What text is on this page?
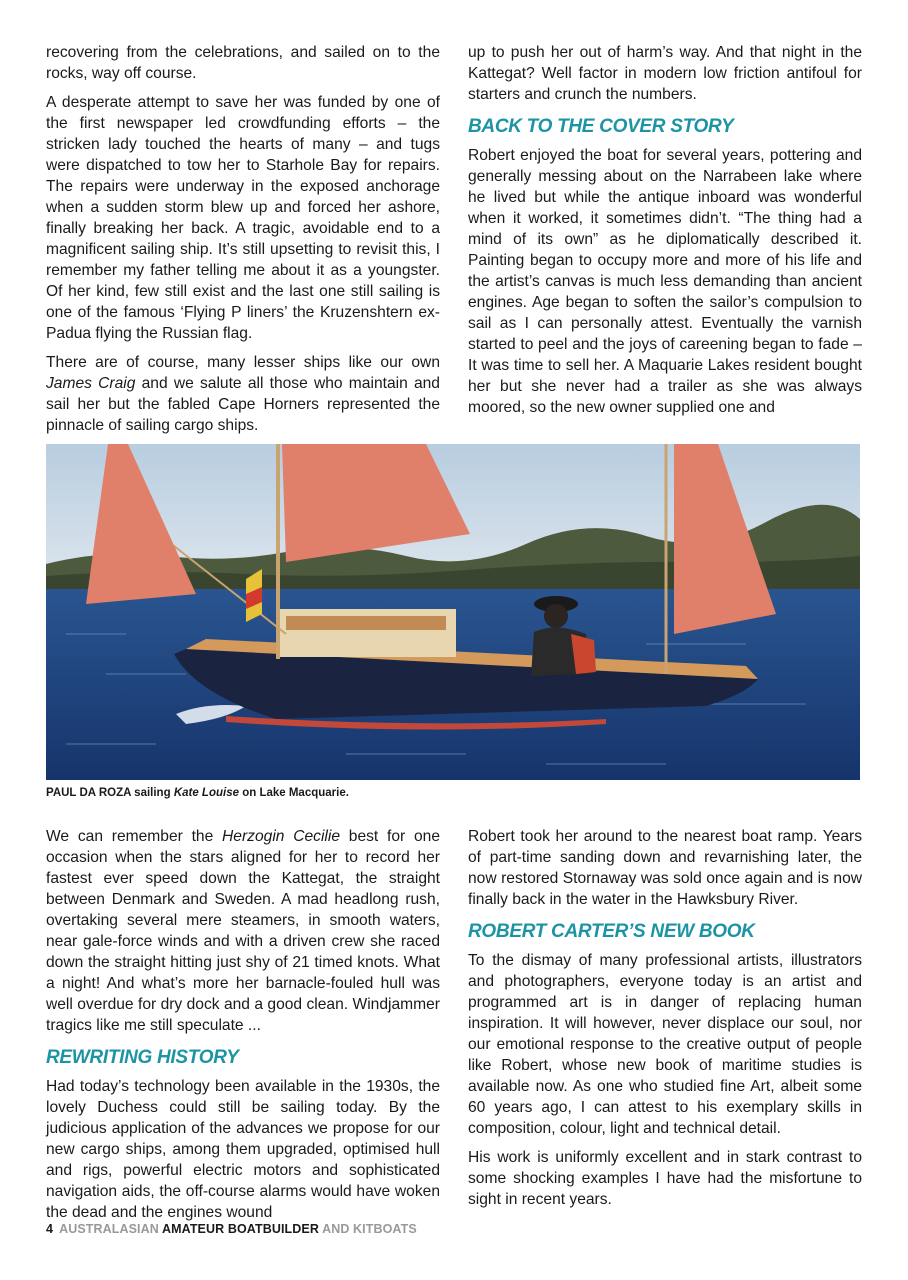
recovering from the celebrations, and sailed on to the rocks, way off course.

A desperate attempt to save her was funded by one of the first newspaper led crowdfunding efforts – the stricken lady touched the hearts of many – and tugs were dispatched to tow her to Starhole Bay for repairs. The repairs were underway in the exposed anchorage when a sudden storm blew up and forced her ashore, finally breaking her back. A tragic, avoidable end to a magnificent sailing ship. It’s still upsetting to revisit this, I remember my father telling me about it as a youngster. Of her kind, few still exist and the last one still sailing is one of the famous ‘Flying P liners’ the Kruzenshtern ex-Padua flying the Russian flag.

There are of course, many lesser ships like our own James Craig and we salute all those who maintain and sail her but the fabled Cape Horners represented the pinnacle of sailing cargo ships.

up to push her out of harm’s way. And that night in the Kattegat? Well factor in modern low friction antifoul for starters and crunch the numbers.

BACK TO THE COVER STORY

Robert enjoyed the boat for several years, pottering and generally messing about on the Narrabeen lake where he lived but while the antique inboard was wonderful when it worked, it sometimes didn’t. “The thing had a mind of its own” as he diplomatically described it. Painting began to occupy more and more of his life and the artist’s canvas is much less demanding than ancient engines. Age began to soften the sailor’s compulsion to sail as I can personally attest. Eventually the varnish started to peel and the joys of careening began to fade – It was time to sell her. A Maquarie Lakes resident bought her but she never had a trailer as she was always moored, so the new owner supplied one and

PAUL DA ROZA sailing Kate Louise on Lake Macquarie.

We can remember the Herzogin Cecilie best for one occasion when the stars aligned for her to record her fastest ever speed down the Kattegat, the straight between Denmark and Sweden. A mad headlong rush, overtaking several mere steamers, in smooth waters, near gale-force winds and with a driven crew she raced down the straight hitting just shy of 21 timed knots. What a night! And what’s more her barnacle-fouled hull was well overdue for dry dock and a good clean. Windjammer tragics like me still speculate ...

REWRITING HISTORY

Had today’s technology been available in the 1930s, the lovely Duchess could still be sailing today. By the judicious application of the advances we propose for our new cargo ships, among them upgraded, optimised hull and rigs, powerful electric motors and sophisticated navigation aids, the off-course alarms would have woken the dead and the engines wound

Robert took her around to the nearest boat ramp. Years of part-time sanding down and revarnishing later, the now restored Stornaway was sold once again and is now finally back in the water in the Hawksbury River.

ROBERT CARTER’S NEW BOOK

To the dismay of many professional artists, illustrators and photographers, everyone today is an artist and programmed art is in danger of replacing human inspiration. It will however, never displace our soul, nor our emotional response to the creative output of people like Robert, whose new book of maritime studies is available now. As one who studied fine Art, albeit some 60 years ago, I can attest to his exemplary skills in composition, colour, light and technical detail.

His work is uniformly excellent and in stark contrast to some shocking examples I have had the misfortune to sight in recent years.

4 AUSTRALASIAN AMATEUR BOATBUILDER AND KITBOATS
